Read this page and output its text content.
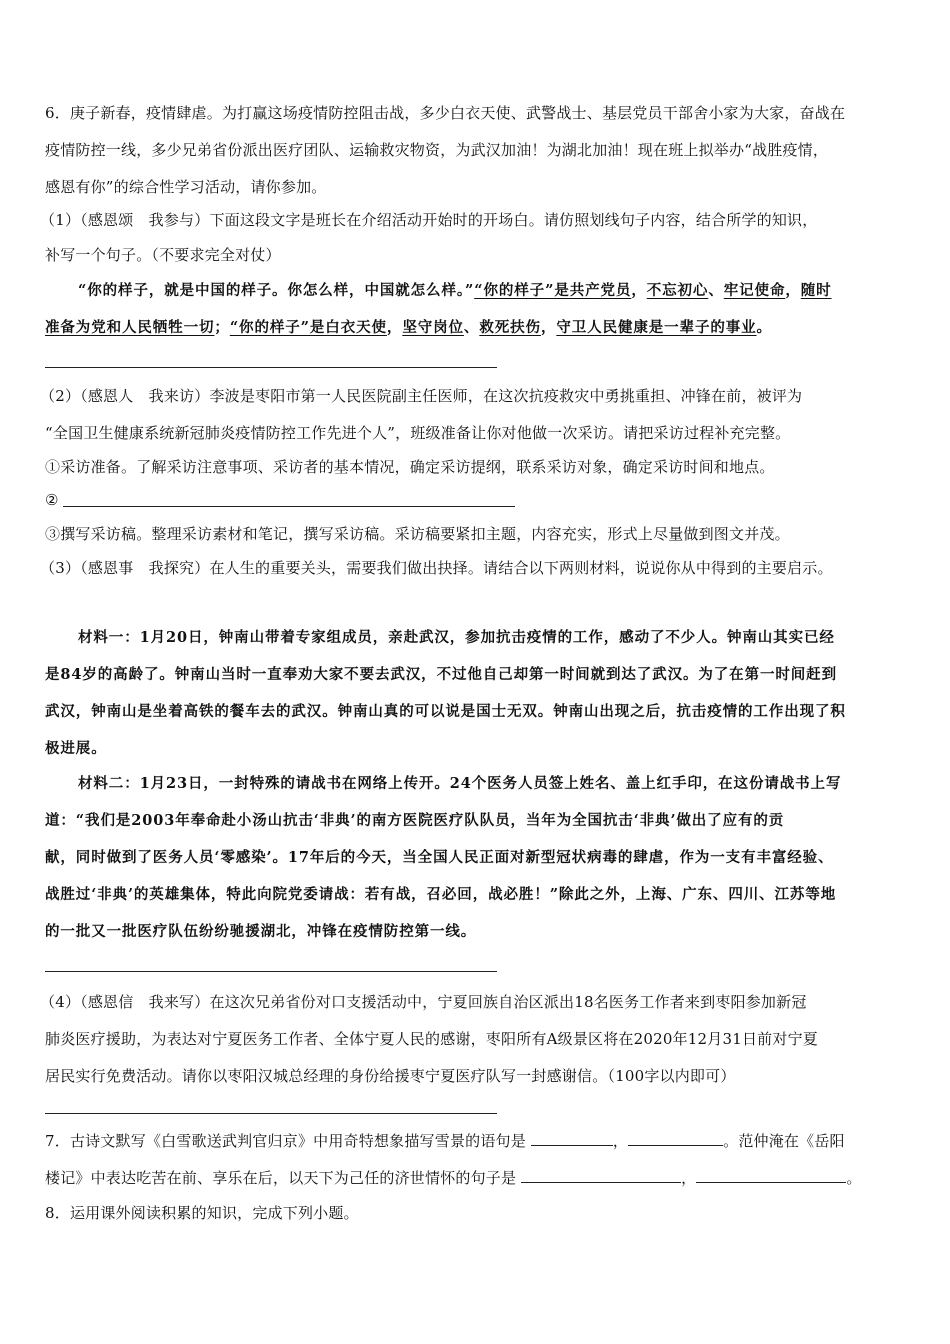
6．庚子新春，疫情肆虐。为打赢这场疫情防控阻击战，多少白衣天使、武警战士、基层党员干部舍小家为大家，奋战在
疫情防控一线，多少兄弟省份派出医疗团队、运输救灾物资，为武汉加油！为湖北加油！现在班上拟举办“战胜疫情，
感恩有你”的综合性学习活动，请你参加。
（1）（感恩颂　我参与）下面这段文字是班长在介绍活动开始时的开场白。请仿照划线句子内容，结合所学的知识，
补写一个句子。（不要求完全对仗）
“你的样子，就是中国的样子。你怎么样，中国就怎么样。”“你的样子”是共产党员，不忘初心、牢记使命，随时
准备为党和人民牺牲一切；“你的样子”是白衣天使，坚守岗位、救死扶伤，守卫人民健康是一辈子的事业。
（2）（感恩人　我来访）李波是枣阳市第一人民医院副主任医师，在这次抗疫救灾中勇挑重担、冲锋在前，被评为
“全国卫生健康系统新冠肺炎疫情防控工作先进个人”，班级准备让你对他做一次采访。请把采访过程补充完整。
①采访准备。了解采访注意事项、采访者的基本情况，确定采访提纲，联系采访对象，确定采访时间和地点。
②
③撰写采访稿。整理采访素材和笔记，撰写采访稿。采访稿要紧扣主题，内容充实，形式上尽量做到图文并茂。
（3）（感恩事　我探究）在人生的重要关头，需要我们做出抉择。请结合以下两则材料，说说你从中得到的主要启示。
材料一：1月20日，钟南山带着专家组成员，亲赴武汉，参加抗击疫情的工作，感动了不少人。钟南山其实已经
是84岁的高龄了。钟南山当时一直奉劝大家不要去武汉，不过他自己却第一时间就到达了武汉。为了在第一时间赶到
武汉，钟南山是坐着高铁的餐车去的武汉。钟南山真的可以说是国士无双。钟南山出现之后，抗击疫情的工作出现了积
极进展。
材料二：1月23日，一封特殊的请战书在网络上传开。24个医务人员签上姓名、盖上红手印，在这份请战书上写
道：“我们是2003年奉命赴小汤山抗击‘非典’的南方医院医疗队队员，当年为全国抗击‘非典’做出了应有的贡
献，同时做到了医务人员‘零感染’。17年后的今天，当全国人民正面对新型冠状病毒的肆虐，作为一支有丰富经验、
战胜过‘非典’的英雄集体，特此向院党委请战：若有战，召必回，战必胜！”除此之外，上海、广东、四川、江苏等地
的一批又一批医疗队伍纷纷驰援湖北，冲锋在疫情防控第一线。
（4）（感恩信　我来写）在这次兄弟省份对口支援活动中，宁夏回族自治区派出18名医务工作者来到枣阳参加新冠
肺炎医疗援助，为表达对宁夏医务工作者、全体宁夏人民的感谢，枣阳所有A级景区将在2020年12月31日前对宁夏
居民实行免费活动。请你以枣阳汉城总经理的身份给援枣宁夏医疗队写一封感谢信。（100字以内即可）
7．古诗文默写《白雪歌送武判官归京》中用奇特想象描写雪景的语句是	，	。范仲淹在《岳阳
楼记》中表达吃苦在前、享乐在后，以天下为己任的济世情怀的句子是	，	。
8．运用课外阅读积累的知识，完成下列小题。
